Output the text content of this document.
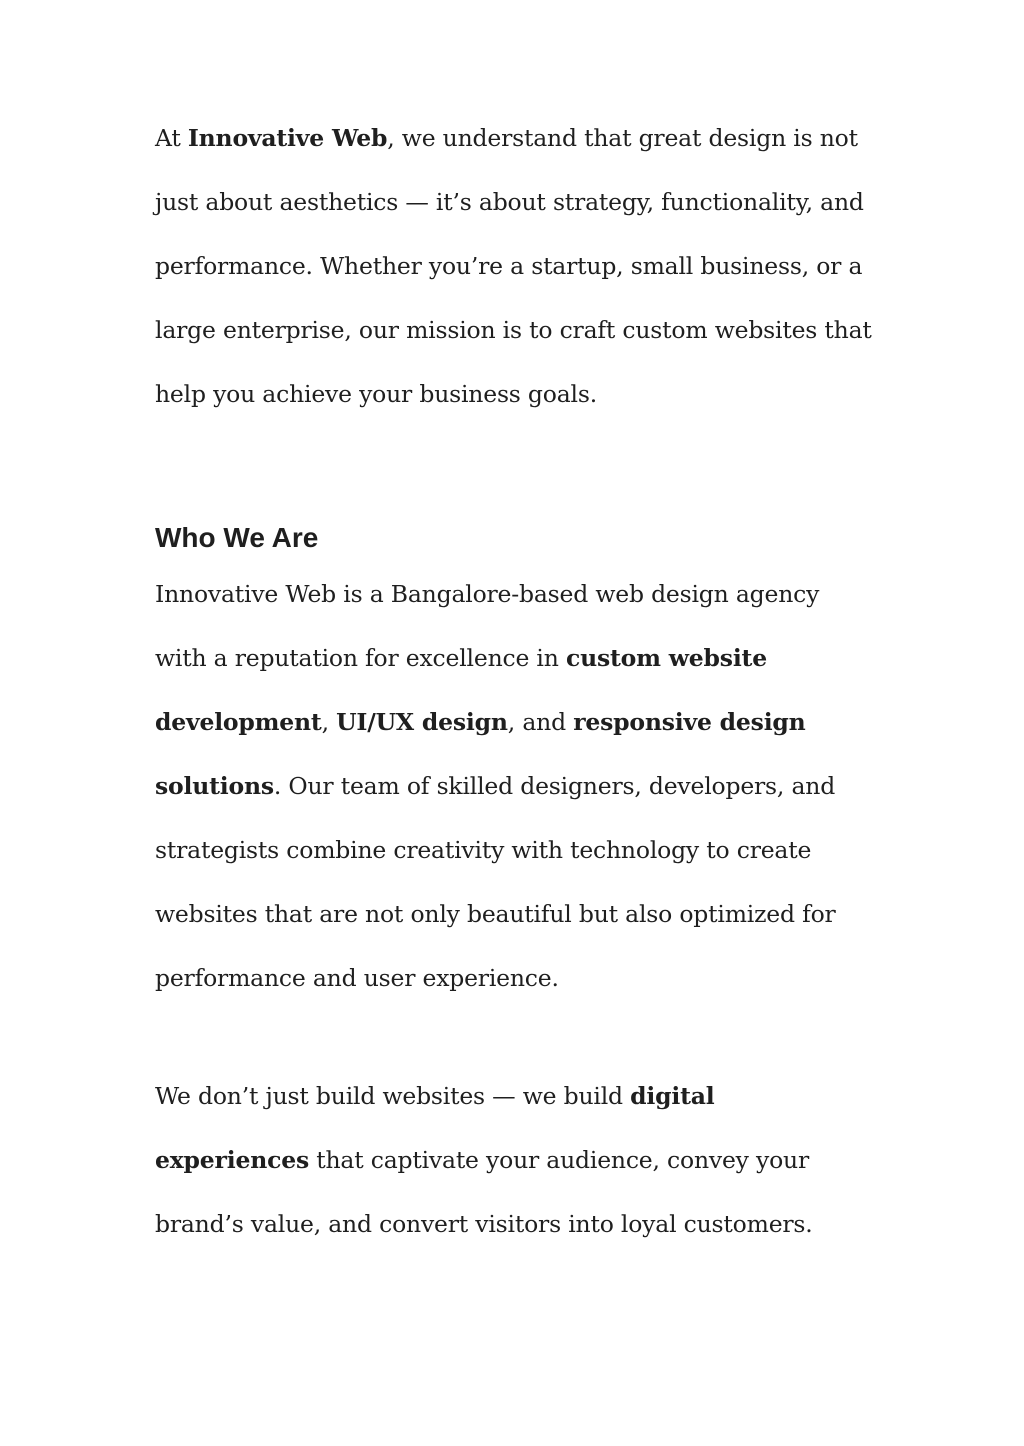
At Innovative Web, we understand that great design is not just about aesthetics — it’s about strategy, functionality, and performance. Whether you’re a startup, small business, or a large enterprise, our mission is to craft custom websites that help you achieve your business goals.

Who We Are

Innovative Web is a Bangalore-based web design agency with a reputation for excellence in custom website development, UI/UX design, and responsive design solutions. Our team of skilled designers, developers, and strategists combine creativity with technology to create websites that are not only beautiful but also optimized for performance and user experience.

We don’t just build websites — we build digital experiences that captivate your audience, convey your brand’s value, and convert visitors into loyal customers.
